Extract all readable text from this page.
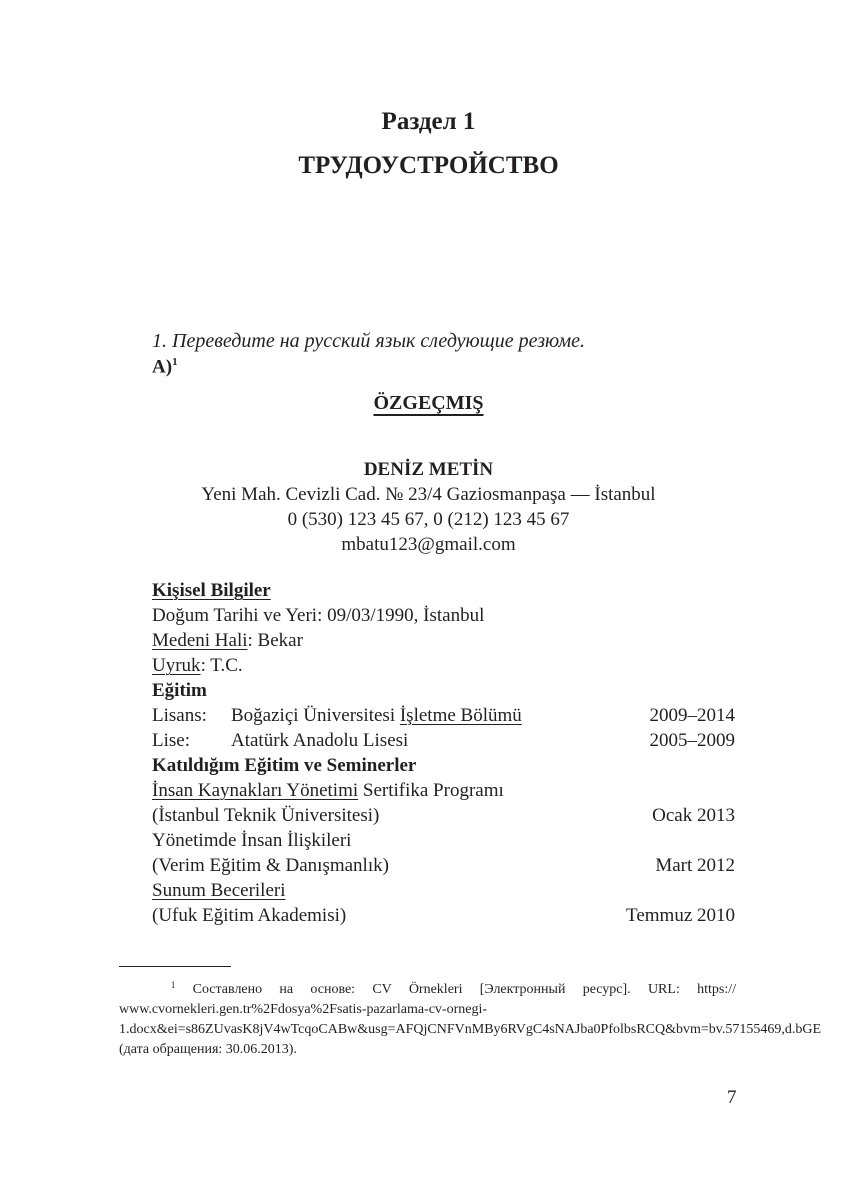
Раздел 1
ТРУДОУСТРОЙСТВО
1. Переведите на русский язык следующие резюме.
А)$^1$
ÖZGEÇMIŞ
DENİZ METİN
Yeni Mah. Cevizli Cad. № 23/4 Gaziosmanpaşa — İstanbul
0 (530) 123 45 67, 0 (212) 123 45 67
mbatu123@gmail.com
Kişisel Bilgiler
Doğum Tarihi ve Yeri: 09/03/1990, İstanbul
Medeni Hali: Bekar
Uyruk: T.C.
Eğitim
Lisans: Boğaziçi Üniversitesi İşletme Bölümü	2009–2014
Lise: Atatürk Anadolu Lisesi	2005–2009
Katıldığım Eğitim ve Seminerler
İnsan Kaynakları Yönetimi Sertifika Programı
(İstanbul Teknik Üniversitesi)	Ocak 2013
Yönetimde İnsan İlişkileri
(Verim Eğitim & Danışmanlık)	Mart 2012
Sunum Becerileri
(Ufuk Eğitim Akademisi)	Temmuz 2010
$^1$ Составлено на основе: CV Örnekleri [Электронный ресурс]. URL: https:// www.cvornekleri.gen.tr%2Fdosya%2Fsatis-pazarlama-cv-ornegi-1.docx&ei=s86ZUvasK8jV4wTcqoCABw&usg=AFQjCNFVnMBy6RVgC4sNAJba0PfolbsRCQ&bvm=bv.57155469,d.bGE (дата обращения: 30.06.2013).
7
